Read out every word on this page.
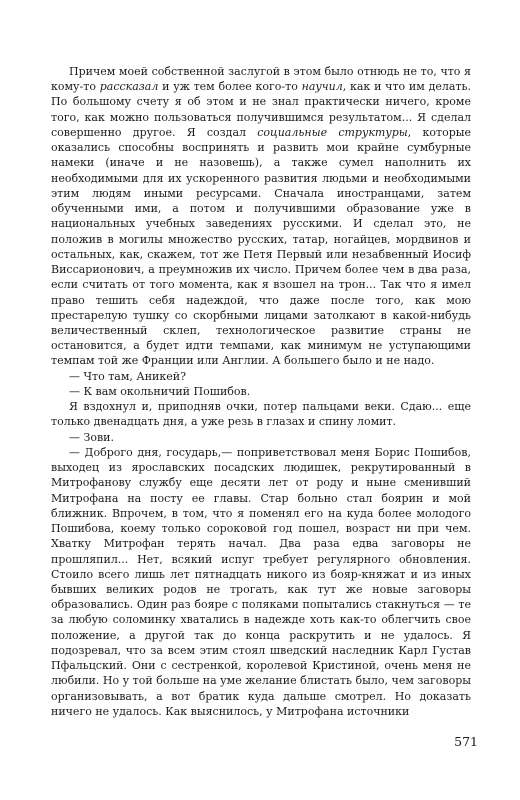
Причем моей собственной заслугой в этом было отнюдь не то, что я кому-то рассказал и уж тем более кого-то научил, как и что им делать. По большому счету я об этом и не знал практически ничего, кроме того, как можно пользоваться получившимся результатом... Я сделал совершенно другое. Я создал социальные структуры, которые оказались способны воспринять и развить мои крайне сумбурные намеки (иначе и не назовешь), а также сумел наполнить их необходимыми для их ускоренного развития людьми и необходимыми этим людям иными ресурсами. Сначала иностранцами, затем обученными ими, а потом и получившими образование уже в национальных учебных заведениях русскими. И сделал это, не положив в могилы множество русских, татар, ногайцев, мордвинов и остальных, как, скажем, тот же Петя Первый или незабвенный Иосиф Виссарионович, а преумножив их число. Причем более чем в два раза, если считать от того момента, как я взошел на трон... Так что я имел право тешить себя надеждой, что даже после того, как мою престарелую тушку со скорбными лицами затолкают в какой-нибудь величественный склеп, технологическое развитие страны не остановится, а будет идти темпами, как минимум не уступающими темпам той же Франции или Англии. А большего было и не надо.

— Что там, Аникей?

— К вам окольничий Пошибов.

Я вздохнул и, приподняв очки, потер пальцами веки. Сдаю... еще только двенадцать дня, а уже резь в глазах и спину ломит.

— Зови.

— Доброго дня, государь,— поприветствовал меня Борис Пошибов, выходец из ярославских посадских людишек, рекрутированный в Митрофанову службу еще десяти лет от роду и ныне сменивший Митрофана на посту ее главы. Стар больно стал боярин и мой ближник. Впрочем, в том, что я поменял его на куда более молодого Пошибова, коему только сороковой год пошел, возраст ни при чем. Хватку Митрофан терять начал. Два раза едва заговоры не прошляпил... Нет, всякий испуг требует регулярного обновления. Стоило всего лишь лет пятнадцать никого из бояр-княжат и из иных бывших великих родов не трогать, как тут же новые заговоры образовались. Один раз бояре с поляками попытались стакнуться — те за любую соломинку хватались в надежде хоть как-то облегчить свое положение, а другой так до конца раскрутить и не удалось. Я подозревал, что за всем этим стоял шведский наследник Карл Густав Пфальцский. Они с сестренкой, королевой Кристиной, очень меня не любили. Но у той больше на уме желание блистать было, чем заговоры организовывать, а вот братик куда дальше смотрел. Но доказать ничего не удалось. Как выяснилось, у Митрофана источники

571
